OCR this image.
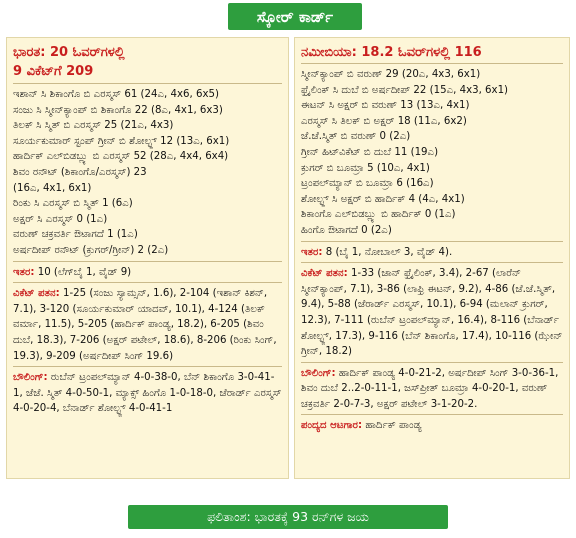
ಸ್ಕೋರ್ ಕಾರ್ಡ್
ಭಾರತ: 20 ಓವರ್‌ಗಳಲ್ಲಿ
9 ವಿಕೆಟ್‌ಗೆ 209
ಇಶಾನ್ ಸಿ ಶಿಕಾಂಗೊ ಬಿ ಎರಸ್ಮಸ್ 61 (24ಎ, 4x6, 6x5)
ಸಂಜು ಸಿ ಸ್ಮೀನ್‌ಕ್ಯಾಂಪ್ ಬಿ ಶಿಕಾಂಗೊ 22 (8ಎ, 4x1, 6x3)
ತಿಲಕ್ ಸಿ ಸ್ಮಿತ್ ಬಿ ಎರಸ್ಮಸ್ 25 (21ಎ, 4x3)
ಸೂರ್ಯಕುಮಾರ್ ಸ್ಟಂಪ್ ಗ್ರೀನ್ ಬಿ ಶೋಲ್ಟ್ಜ್ 12 (13ಎ, 6x1)
ಹಾರ್ದಿಕ್ ಎಲ್‌ಬಿಡಬ್ಲ್ಯು ಬಿ ಎರಸ್ಮಸ್ 52 (28ಎ, 4x4, 6x4)
ಶಿವಂ ರನೌಟ್ (ಶಿಕಾಂಗೊ/ಎರಸ್ಮಸ್) 23
(16ಎ, 4x1, 6x1)
ರಿಂಕು ಸಿ ಎರಸ್ಮಸ್ ಬಿ ಸ್ಮಿತ್ 1 (6ಎ)
ಅಕ್ಷರ್ ಸಿ ಎರಸ್ಮಸ್ 0 (1ಎ)
ವರುಣ್ ಚಕ್ರವರ್ತಿ ಔಟಾಗದೆ 1 (1ಎ)
ಅರ್ಷದೀಪ್ ರನೌಟ್ (ಕ್ರುಗರ್/ಗ್ರೀನ್) 2 (2ಎ)
ಇತರ: 10 (ಲೆಗ್‌ಬೈ 1, ವೈಡ್ 9)
ವಿಕೆಟ್ ಪತನ: 1-25 (ಸಂಜು ಸ್ಯಾಮ್ಸನ್, 1.6), 2-104 (ಇಶಾನ್ ಕಿಶನ್, 7.1), 3-120 (ಸೂರ್ಯಕುಮಾರ್ ಯಾದವ್, 10.1), 4-124 (ತಿಲಕ್ ವರ್ಮಾ, 11.5), 5-205 (ಹಾರ್ದಿಕ್ ಪಾಂಡ್ಯ, 18.2), 6-205 (ಶಿವಂ ದುಬೆ, 18.3), 7-206 (ಅಕ್ಷರ್ ಪಟೇಲ್, 18.6), 8-206 (ರಿಂಕು ಸಿಂಗ್, 19.3), 9-209 (ಅರ್ಷದೀಪ್ ಸಿಂಗ್ 19.6)
ಬೌಲಿಂಗ್: ರುಬೆನ್ ಟ್ರಂಪಲ್‌ಮ್ಯಾನ್ 4-0-38-0, ಬೆನ್ ಶಿಕಾಂಗೊ 3-0-41-1, ಜೆಜೆ. ಸ್ಮಿತ್ 4-0-50-1, ಮ್ಯಾಕ್ಸ್ ಹಿಂಗೊ 1-0-18-0, ಜೆರಾರ್ಡ್ ಎರಸ್ಮಸ್ 4-0-20-4, ಬೆನಾರ್ಡ್ ಶೋಲ್ಟ್ಜ್ 4-0-41-1
ನಮೀಬಿಯಾ: 18.2 ಓವರ್‌ಗಳಲ್ಲಿ 116
ಸ್ಮೀನ್‌ಕ್ಯಾಂಪ್ ಬಿ ವರುಣ್ 29 (20ಎ, 4x3, 6x1)
ಫ್ರೈಲಿಂಕ್ ಸಿ ದುಬೆ ಬಿ ಅರ್ಷದೀಪ್ 22 (15ಎ, 4x3, 6x1)
ಈಟನ್ ಸಿ ಅಕ್ಷರ್ ಬಿ ವರುಣ್ 13 (13ಎ, 4x1)
ಎರಸ್ಮಸ್ ಸಿ ತಿಲಕ್ ಬಿ ಅಕ್ಷರ್ 18 (11ಎ, 6x2)
ಜೆ.ಜೆ.ಸ್ಮಿತ್ ಬಿ ವರುಣ್ 0 (2ಎ)
ಗ್ರೀನ್ ಹಿಟ್‌ವಿಕೆಟ್ ಬಿ ದುಬೆ 11 (19ಎ)
ಕ್ರುಗರ್ ಬಿ ಬೂಮ್ರಾ 5 (10ಎ, 4x1)
ಟ್ರಂಪಲ್‌ಮ್ಯಾನ್ ಬಿ ಬೂಮ್ರಾ 6 (16ಎ)
ಶೋಲ್ಟ್ಜ್ ಸಿ ಅಕ್ಷರ್ ಬಿ ಹಾರ್ದಿಕ್ 4 (4ಎ, 4x1)
ಶಿಕಾಂಗೊ ಎಲ್‌ಬಿಡಬ್ಲ್ಯು ಬಿ ಹಾರ್ದಿಕ್ 0 (1ಎ)
ಹಿಂಗೊ ಔಟಾಗದೆ 0 (2ಎ)
ಇತರ: 8 (ಬೈ 1, ನೋಬಾಲ್ 3, ವೈಡ್ 4).
ವಿಕೆಟ್ ಪತನ: 1-33 (ಜಾನ್ ಫ್ರೈಲಿಂಕ್, 3.4), 2-67 (ಲಾರೆನ್ ಸ್ಮೀನ್‌ಕ್ಯಾಂಪ್, 7.1), 3-86 (ಲಾಫ್ರಿ ಈಟನ್, 9.2), 4-86 (ಜೆ.ಜೆ.ಸ್ಮಿತ್, 9.4), 5-88 (ಜೆರಾರ್ಡ್ ಎರಸ್ಮಸ್, 10.1), 6-94 (ಮಲಾನ್ ಕ್ರುಗರ್, 12.3), 7-111 (ರುಬೆನ್ ಟ್ರಂಪಲ್‌ಮ್ಯಾನ್, 16.4), 8-116 (ಬೆನಾರ್ಡ್ ಶೋಲ್ಟ್ಜ್, 17.3), 9-116 (ಬೆನ್ ಶಿಕಾಂಗೊ, 17.4), 10-116 (ಝೇನ್ ಗ್ರೀನ್, 18.2)
ಬೌಲಿಂಗ್: ಹಾರ್ದಿಕ್ ಪಾಂಡ್ಯ 4-0-21-2, ಅರ್ಷದೀಪ್ ಸಿಂಗ್ 3-0-36-1, ಶಿವಂ ದುಬೆ 2..2-0-11-1, ಜಸ್‌ಪ್ರೀತ್ ಬೂಮ್ರಾ 4-0-20-1, ವರುಣ್ ಚಕ್ರವರ್ತಿ 2-0-7-3, ಅಕ್ಷರ್ ಪಟೇಲ್ 3-1-20-2.
ಪಂದ್ಯದ ಆಟಗಾರ: ಹಾರ್ದಿಕ್ ಪಾಂಡ್ಯ
ಫಲಿತಾಂಶ: ಭಾರತಕ್ಕೆ 93 ರನ್‌ಗಳ ಜಯ
